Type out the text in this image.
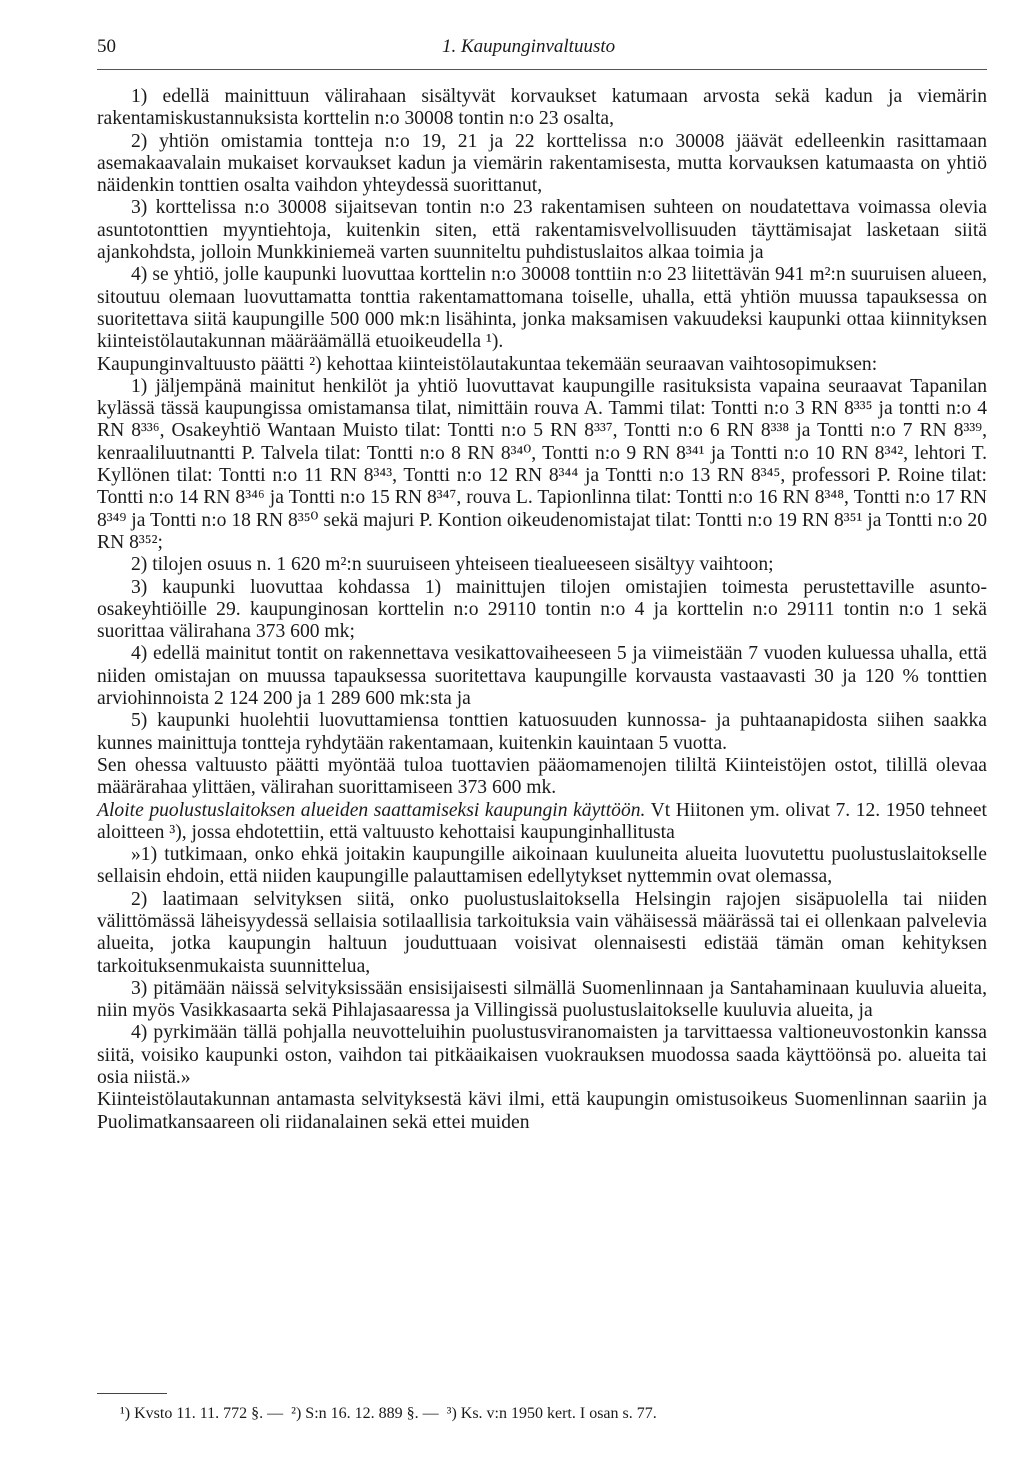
50	1. Kaupunginvaltuusto

1) edellä mainittuun välirahaan sisältyvät korvaukset katumaan arvosta sekä kadun ja viemärin rakentamiskustannuksista korttelin n:o 30008 tontin n:o 23 osalta,

2) yhtiön omistamia tontteja n:o 19, 21 ja 22 korttelissa n:o 30008 jäävät edelleenkin rasittamaan asemakaavalain mukaiset korvaukset kadun ja viemärin rakentamisesta, mutta korvauksen katumaasta on yhtiö näidenkin tonttien osalta vaihdon yhteydessä suorittanut,

3) korttelissa n:o 30008 sijaitsevan tontin n:o 23 rakentamisen suhteen on noudatettava voimassa olevia asuntotonttien myyntiehtoja, kuitenkin siten, että rakentamisvelvollisuuden täyttämisajat lasketaan siitä ajankohdsta, jolloin Munkkiniemeä varten suunniteltu puhdistuslaitos alkaa toimia ja

4) se yhtiö, jolle kaupunki luovuttaa korttelin n:o 30008 tonttiin n:o 23 liitettävän 941 m²:n suuruisen alueen, sitoutuu olemaan luovuttamatta tonttia rakentamattomana toiselle, uhalla, että yhtiön muussa tapauksessa on suoritettava siitä kaupungille 500 000 mk:n lisähinta, jonka maksamisen vakuudeksi kaupunki ottaa kiinnityksen kiinteistölautakunnan määräämällä etuoikeudella ¹).

Kaupunginvaltuusto päätti ²) kehottaa kiinteistölautakuntaa tekemään seuraavan vaihtosopimuksen:

1) jäljempänä mainitut henkilöt ja yhtiö luovuttavat kaupungille rasituksista vapaina seuraavat Tapanilan kylässä tässä kaupungissa omistamansa tilat, nimittäin rouva A. Tammi tilat: Tontti n:o 3 RN 8³³⁵ ja tontti n:o 4 RN 8³³⁶, Osakeyhtiö Wantaan Muisto tilat: Tontti n:o 5 RN 8³³⁷, Tontti n:o 6 RN 8³³⁸ ja Tontti n:o 7 RN 8³³⁹, kenraaliluutnantti P. Talvela tilat: Tontti n:o 8 RN 8³⁴⁰, Tontti n:o 9 RN 8³⁴¹ ja Tontti n:o 10 RN 8³⁴², lehtori T. Kyllönen tilat: Tontti n:o 11 RN 8³⁴³, Tontti n:o 12 RN 8³⁴⁴ ja Tontti n:o 13 RN 8³⁴⁵, professori P. Roine tilat: Tontti n:o 14 RN 8³⁴⁶ ja Tontti n:o 15 RN 8³⁴⁷, rouva L. Tapionlinna tilat: Tontti n:o 16 RN 8³⁴⁸, Tontti n:o 17 RN 8³⁴⁹ ja Tontti n:o 18 RN 8³⁵⁰ sekä majuri P. Kontion oikeudenomistajat tilat: Tontti n:o 19 RN 8³⁵¹ ja Tontti n:o 20 RN 8³⁵²;

2) tilojen osuus n. 1 620 m²:n suuruiseen yhteiseen tiealueeseen sisältyy vaihtoon;

3) kaupunki luovuttaa kohdassa 1) mainittujen tilojen omistajien toimesta perustettaville asunto-osakeyhtiöille 29. kaupunginosan korttelin n:o 29110 tontin n:o 4 ja korttelin n:o 29111 tontin n:o 1 sekä suorittaa välirahana 373 600 mk;

4) edellä mainitut tontit on rakennettava vesikattovaiheeseen 5 ja viimeistään 7 vuoden kuluessa uhalla, että niiden omistajan on muussa tapauksessa suoritettava kaupungille korvausta vastaavasti 30 ja 120 % tonttien arviohinnoista 2 124 200 ja 1 289 600 mk:sta ja

5) kaupunki huolehtii luovuttamiensa tonttien katuosuuden kunnossa- ja puhtaanapidosta siihen saakka kunnes mainittuja tontteja ryhdytään rakentamaan, kuitenkin kauintaan 5 vuotta.

Sen ohessa valtuusto päätti myöntää tuloa tuottavien pääomamenojen tililtä Kiinteistöjen ostot, tilillä olevaa määrärahaa ylittäen, välirahan suorittamiseen 373 600 mk.

Aloite puolustuslaitoksen alueiden saattamiseksi kaupungin käyttöön. Vt Hiitonen ym. olivat 7. 12. 1950 tehneet aloitteen ³), jossa ehdotettiin, että valtuusto kehottaisi kaupunginhallitusta

»1) tutkimaan, onko ehkä joitakin kaupungille aikoinaan kuuluneita alueita luovutettu puolustuslaitokselle sellaisin ehdoin, että niiden kaupungille palauttamisen edellytykset nyttemmin ovat olemassa,

2) laatimaan selvityksen siitä, onko puolustuslaitoksella Helsingin rajojen sisäpuolella tai niiden välittömässä läheisyydessä sellaisia sotilaallisia tarkoituksia vain vähäisessä määrässä tai ei ollenkaan palvelevia alueita, jotka kaupungin haltuun jouduttuaan voisivat olennaisesti edistää tämän oman kehityksen tarkoituksenmukaista suunnittelua,

3) pitämään näissä selvityksissään ensisijaisesti silmällä Suomenlinnaan ja Santahaminaan kuuluvia alueita, niin myös Vasikkasaarta sekä Pihlajasaaressa ja Villingissä puolustuslaitokselle kuuluvia alueita, ja

4) pyrkimään tällä pohjalla neuvotteluihin puolustusviranomaisten ja tarvittaessa valtioneuvostonkin kanssa siitä, voisiko kaupunki oston, vaihdon tai pitkäaikaisen vuokrauksen muodossa saada käyttöönsä po. alueita tai osia niistä.»

Kiinteistölautakunnan antamasta selvityksestä kävi ilmi, että kaupungin omistusoikeus Suomenlinnan saariin ja Puolimatkansaareen oli riidanalainen sekä ettei muiden

¹) Kvsto 11. 11. 772 §. — ²) S:n 16. 12. 889 §. — ³) Ks. v:n 1950 kert. I osan s. 77.
